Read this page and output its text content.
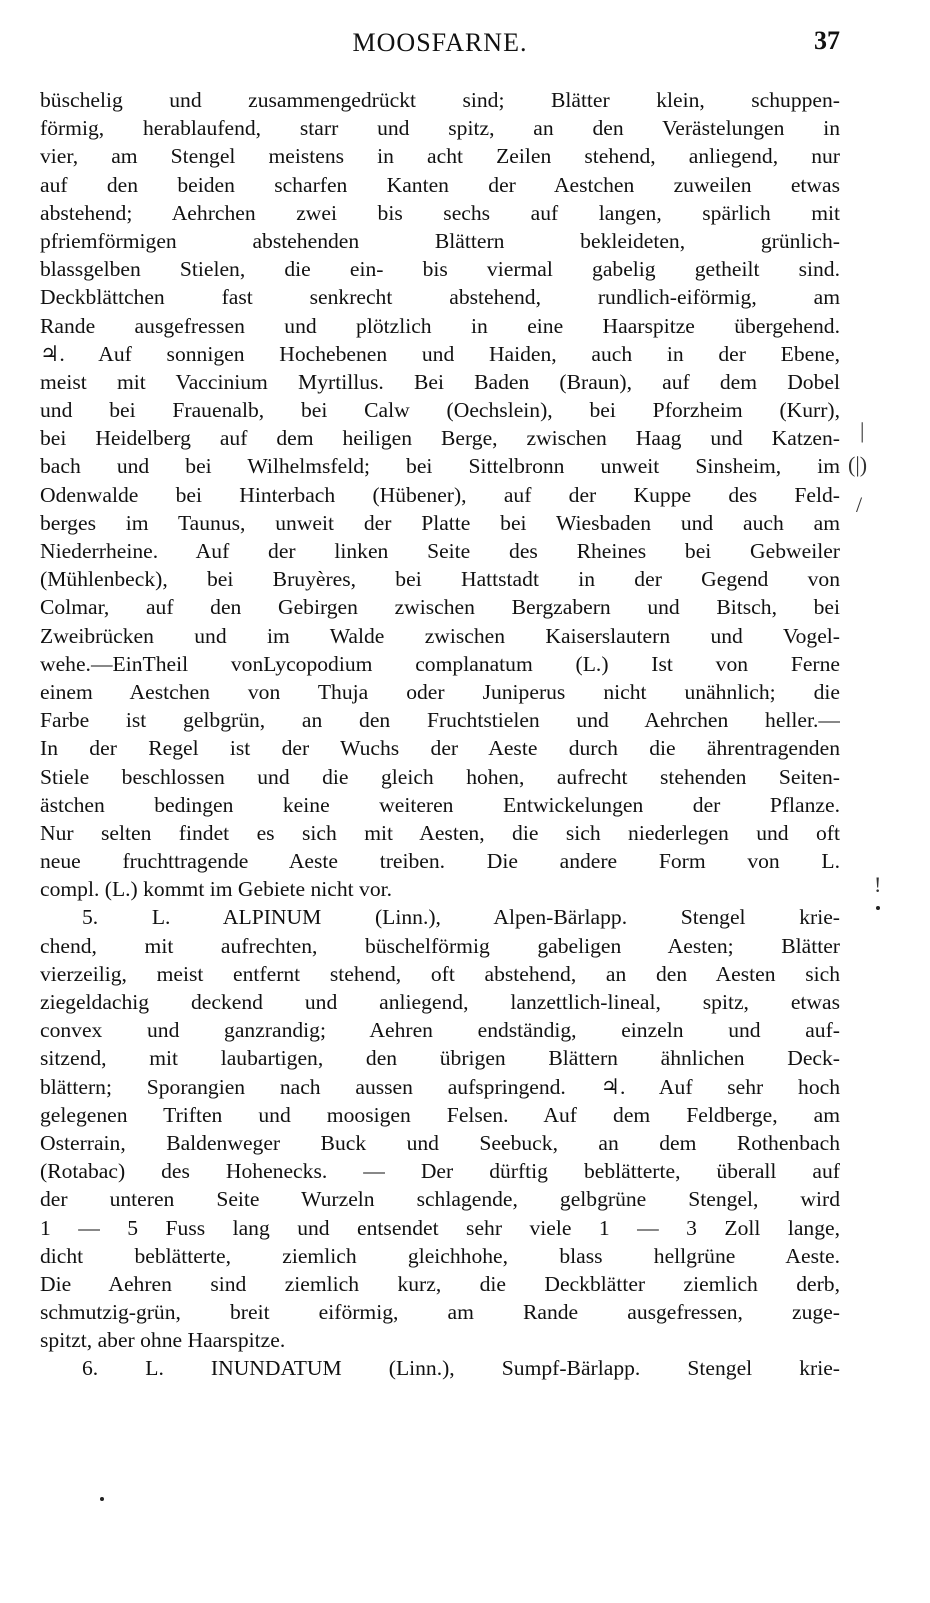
MOOSFARNE.	37
büschelig und zusammengedrückt sind; Blätter klein, schuppen-
förmig, herablaufend, starr und spitz, an den Verästelungen in
vier, am Stengel meistens in acht Zeilen stehend, anliegend, nur
auf den beiden scharfen Kanten der Aestchen zuweilen etwas
abstehend; Aehrchen zwei bis sechs auf langen, spärlich mit
pfriemförmigen abstehenden Blättern bekleideten, grünlich-
blassgelben Stielen, die ein- bis viermal gabelig getheilt sind.
Deckblättchen fast senkrecht abstehend, rundlich-eiförmig, am
Rande ausgefressen und plötzlich in eine Haarspitze übergehend.
♃. Auf sonnigen Hochebenen und Haiden, auch in der Ebene,
meist mit Vaccinium Myrtillus. Bei Baden (Braun), auf dem Dobel
und bei Frauenalb, bei Calw (Oechslein), bei Pforzheim (Kurr),
bei Heidelberg auf dem heiligen Berge, zwischen Haag und Katzen-
bach und bei Wilhelmsfeld; bei Sittelbronn unweit Sinsheim, im
Odenwalde bei Hinterbach (Hübener), auf der Kuppe des Feld-
berges im Taunus, unweit der Platte bei Wiesbaden und auch am
Niederrheine. Auf der linken Seite des Rheines bei Gebweiler
(Mühlenbeck), bei Bruyères, bei Hattstadt in der Gegend von
Colmar, auf den Gebirgen zwischen Bergzabern und Bitsch, bei
Zweibrücken und im Walde zwischen Kaiserslautern und Vogel-
wehe.—EinTheil vonLycopodium complanatum (L.) Ist von Ferne
einem Aestchen von Thuja oder Juniperus nicht unähnlich; die
Farbe ist gelbgrün, an den Fruchtstielen und Aehrchen heller.—
In der Regel ist der Wuchs der Aeste durch die ährentragenden
Stiele beschlossen und die gleich hohen, aufrecht stehenden Seiten-
ästchen bedingen keine weiteren Entwickelungen der Pflanze.
Nur selten findet es sich mit Aesten, die sich niederlegen und oft
neue fruchttragende Aeste treiben. Die andere Form von L.
compl. (L.) kommt im Gebiete nicht vor.
5. L. ALPINUM (Linn.), Alpen-Bärlapp. Stengel krie-
chend, mit aufrechten, büschelförmig gabeligen Aesten; Blätter
vierzeilig, meist entfernt stehend, oft abstehend, an den Aesten sich
ziegeldachig deckend und anliegend, lanzettlich-lineal, spitz, etwas
convex und ganzrandig; Aehren endständig, einzeln und auf-
sitzend, mit laubartigen, den übrigen Blättern ähnlichen Deck-
blättern; Sporangien nach aussen aufspringend. ♃. Auf sehr hoch
gelegenen Triften und moosigen Felsen. Auf dem Feldberge, am
Osterrain, Baldenweger Buck und Seebuck, an dem Rothenbach
(Rotabac) des Hohenecks. — Der dürftig beblätterte, überall auf
der unteren Seite Wurzeln schlagende, gelbgrüne Stengel, wird
1 — 5 Fuss lang und entsendet sehr viele 1 — 3 Zoll lange,
dicht beblätterte, ziemlich gleichhohe, blass hellgrüne Aeste.
Die Aehren sind ziemlich kurz, die Deckblätter ziemlich derb,
schmutzig-grün, breit eiförmig, am Rande ausgefressen, zuge-
spitzt, aber ohne Haarspitze.
6. L. INUNDATUM (Linn.), Sumpf-Bärlapp. Stengel krie-
|
(|)
/
!
